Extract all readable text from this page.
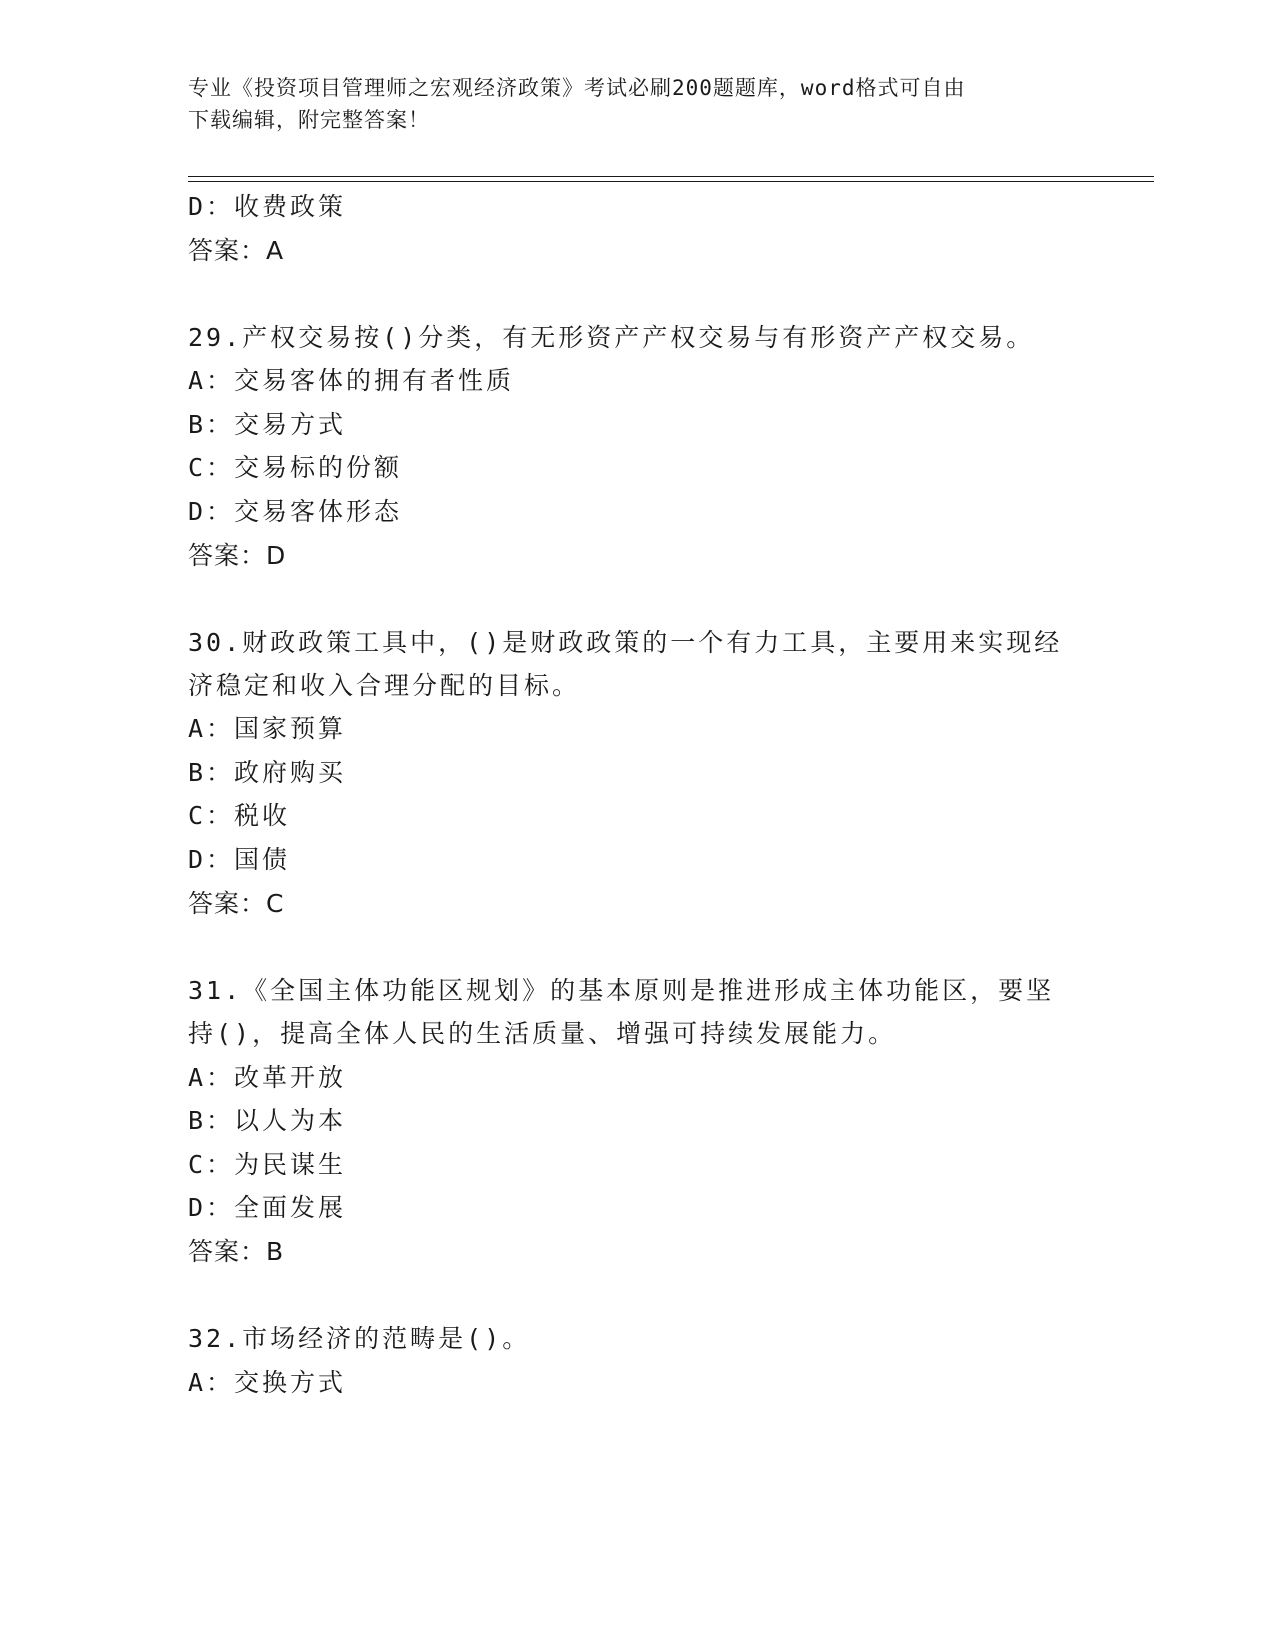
专业《投资项目管理师之宏观经济政策》考试必刷200题题库，word格式可自由
下载编辑，附完整答案！
D：收费政策
答案：A
29.产权交易按()分类，有无形资产产权交易与有形资产产权交易。
A：交易客体的拥有者性质
B：交易方式
C：交易标的份额
D：交易客体形态
答案：D
30.财政政策工具中，()是财政政策的一个有力工具，主要用来实现经
济稳定和收入合理分配的目标。
A：国家预算
B：政府购买
C：税收
D：国债
答案：C
31.《全国主体功能区规划》的基本原则是推进形成主体功能区，要坚
持()，提高全体人民的生活质量、增强可持续发展能力。
A：改革开放
B：以人为本
C：为民谋生
D：全面发展
答案：B
32.市场经济的范畴是()。
A：交换方式
